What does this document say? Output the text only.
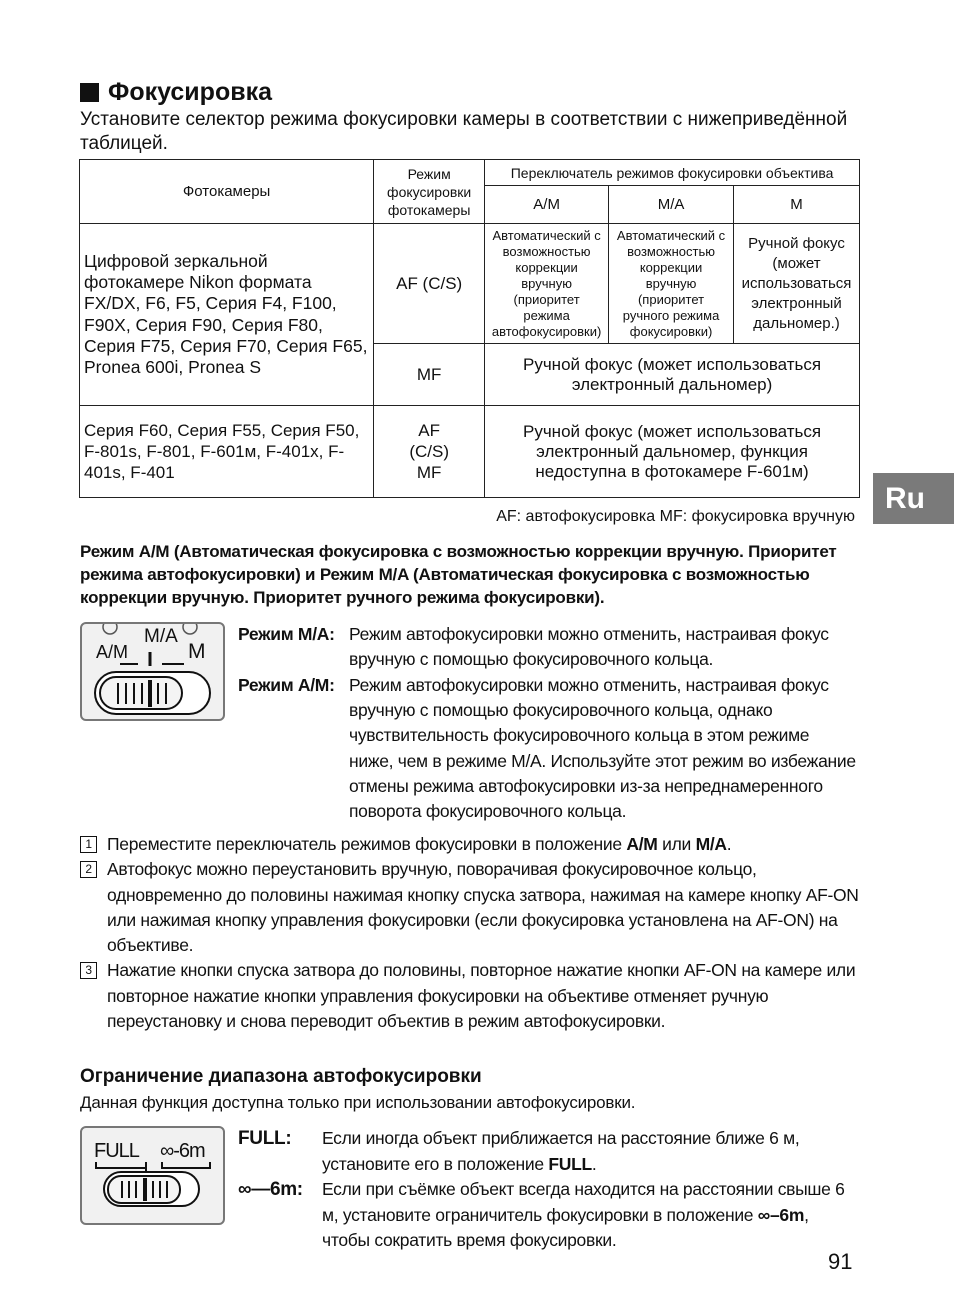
Фокусировка
Установите селектор режима фокусировки камеры в соответствии с нижеприведённой таблицей.
Фотокамеры	Режим фокусировки фотокамеры	Переключатель режимов фокусировки объектива		
		A/M	M/A	M
Цифровой зеркальной фотокамере Nikon формата FX/DX, F6, F5, Серия F4, F100, F90X, Серия F90, Серия F80, Серия F75, Серия F70, Серия F65, Pronea 600i, Pronea S	AF (C/S)	Автоматический с возможностью коррекции вручную (приоритет режима автофокусировки)	Автоматический с возможностью коррекции вручную (приоритет ручного режима фокусировки)	Ручной фокус (может использоваться электронный дальномер.)
	MF	Ручной фокус (может использоваться электронный дальномер)		
Серия F60, Серия F55, Серия F50, F-801s, F-801, F-601м, F-401x, F-401s, F-401	AF (C/S) MF	Ручной фокус (может использоваться электронный дальномер, функция недоступна в фотокамере F-601м)		
AF: автофокусировка MF: фокусировка вручную
Режим A/M (Автоматическая фокусировка с возможностью коррекции вручную. Приоритет режима автофокусировки) и Режим M/A (Автоматическая фокусировка с возможностью коррекции вручную. Приоритет ручного режима фокусировки).
M/A
A/M	M
Режим M/A: Режим автофокусировки можно отменить, настраивая фокус вручную с помощью фокусировочного кольца.
Режим A/M: Режим автофокусировки можно отменить, настраивая фокус вручную с помощью фокусировочного кольца, однако чувствительность фокусировочного кольца в этом режиме ниже, чем в режиме M/A. Используйте этот режим во избежание отмены режима автофокусировки из-за непреднамеренного поворота фокусировочного кольца.
1 Переместите переключатель режимов фокусировки в положение A/M или M/A.
2 Автофокус можно переустановить вручную, поворачивая фокусировочное кольцо, одновременно до половины нажимая кнопку спуска затвора, нажимая на камере кнопку AF-ON или нажимая кнопку управления фокусировки (если фокусировка установлена на AF-ON) на объективе.
3 Нажатие кнопки спуска затвора до половины, повторное нажатие кнопки AF-ON на камере или повторное нажатие кнопки управления фокусировки на объективе отменяет ручную переустановку и снова переводит объектив в режим автофокусировки.
Ограничение диапазона автофокусировки
Данная функция доступна только при использовании автофокусировки.
FULL ∞-6m
FULL: Если иногда объект приближается на расстояние ближе 6 м, установите его в положение FULL.
∞—6m: Если при съёмке объект всегда находится на расстоянии свыше 6 м, установите ограничитель фокусировки в положение ∞–6m, чтобы сократить время фокусировки.
Ru
91
